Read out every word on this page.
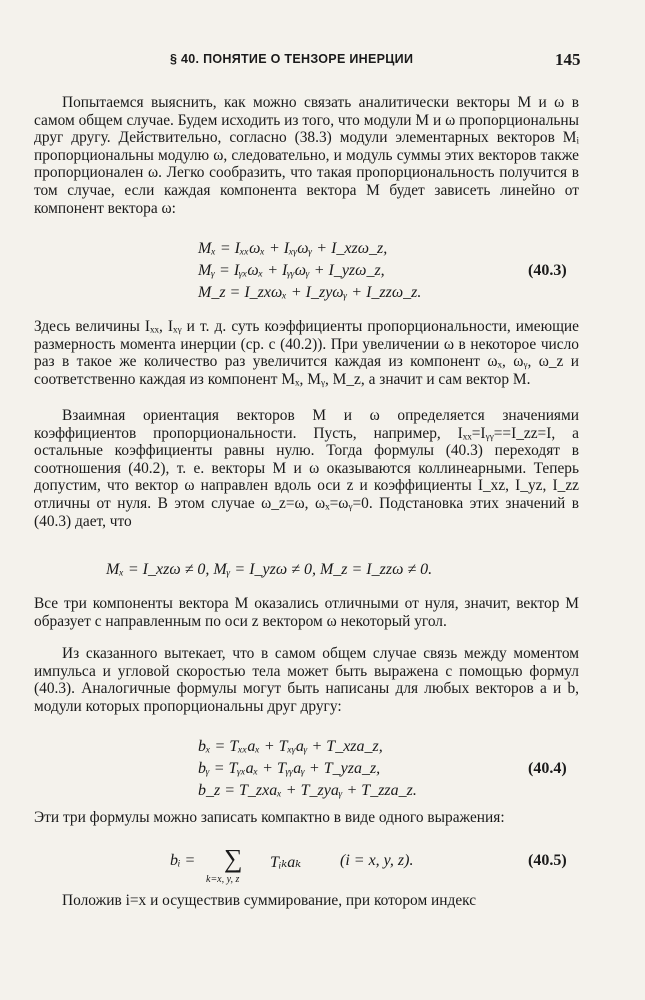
§ 40. ПОНЯТИЕ О ТЕНЗОРЕ ИНЕРЦИИ	145
Попытаемся выяснить, как можно связать аналитически векторы M и ω в самом общем случае. Будем исходить из того, что модули M и ω пропорциональны друг другу. Действительно, согласно (38.3) модули элементарных векторов Mᵢ пропорциональны модулю ω, следовательно, и модуль суммы этих векторов также пропорционален ω. Легко сообразить, что такая пропорциональность получится в том случае, если каждая компонента вектора M будет зависеть линейно от компонент вектора ω:
Mₓ = Iₓₓωₓ + Iₓᵧωᵧ + I_xzω_z,
Mᵧ = Iᵧₓωₓ + Iᵧᵧωᵧ + I_yzω_z,
M_z = I_zxωₓ + I_zyωᵧ + I_zzω_z.
(40.3)
Здесь величины Iₓₓ, Iₓᵧ и т. д. суть коэффициенты пропорциональности, имеющие размерность момента инерции (ср. с (40.2)). При увеличении ω в некоторое число раз в такое же количество раз увеличится каждая из компонент ωₓ, ωᵧ, ω_z и соответственно каждая из компонент Mₓ, Mᵧ, M_z, а значит и сам вектор M.
Взаимная ориентация векторов M и ω определяется значениями коэффициентов пропорциональности. Пусть, например, Iₓₓ=Iᵧᵧ==I_zz=I, а остальные коэффициенты равны нулю. Тогда формулы (40.3) переходят в соотношения (40.2), т. е. векторы M и ω оказываются коллинеарными. Теперь допустим, что вектор ω направлен вдоль оси z и коэффициенты I_xz, I_yz, I_zz отличны от нуля. В этом случае ω_z=ω, ωₓ=ωᵧ=0. Подстановка этих значений в (40.3) дает, что
Mₓ = I_xzω ≠ 0, Mᵧ = I_yzω ≠ 0, M_z = I_zzω ≠ 0.
Все три компоненты вектора M оказались отличными от нуля, значит, вектор M образует с направленным по оси z вектором ω некоторый угол.
Из сказанного вытекает, что в самом общем случае связь между моментом импульса и угловой скоростью тела может быть выражена с помощью формул (40.3). Аналогичные формулы могут быть написаны для любых векторов a и b, модули которых пропорциональны друг другу:
bₓ = Tₓₓaₓ + Tₓᵧaᵧ + T_xza_z,
bᵧ = Tᵧₓaₓ + Tᵧᵧaᵧ + T_yza_z,
b_z = T_zxaₓ + T_zyaᵧ + T_zza_z.
(40.4)
Эти три формулы можно записать компактно в виде одного выражения:
bᵢ = ∑
k=x, y, z
Tᵢₖaₖ (i = x, y, z).	(40.5)
Положив i=x и осуществив суммирование, при котором индекс
